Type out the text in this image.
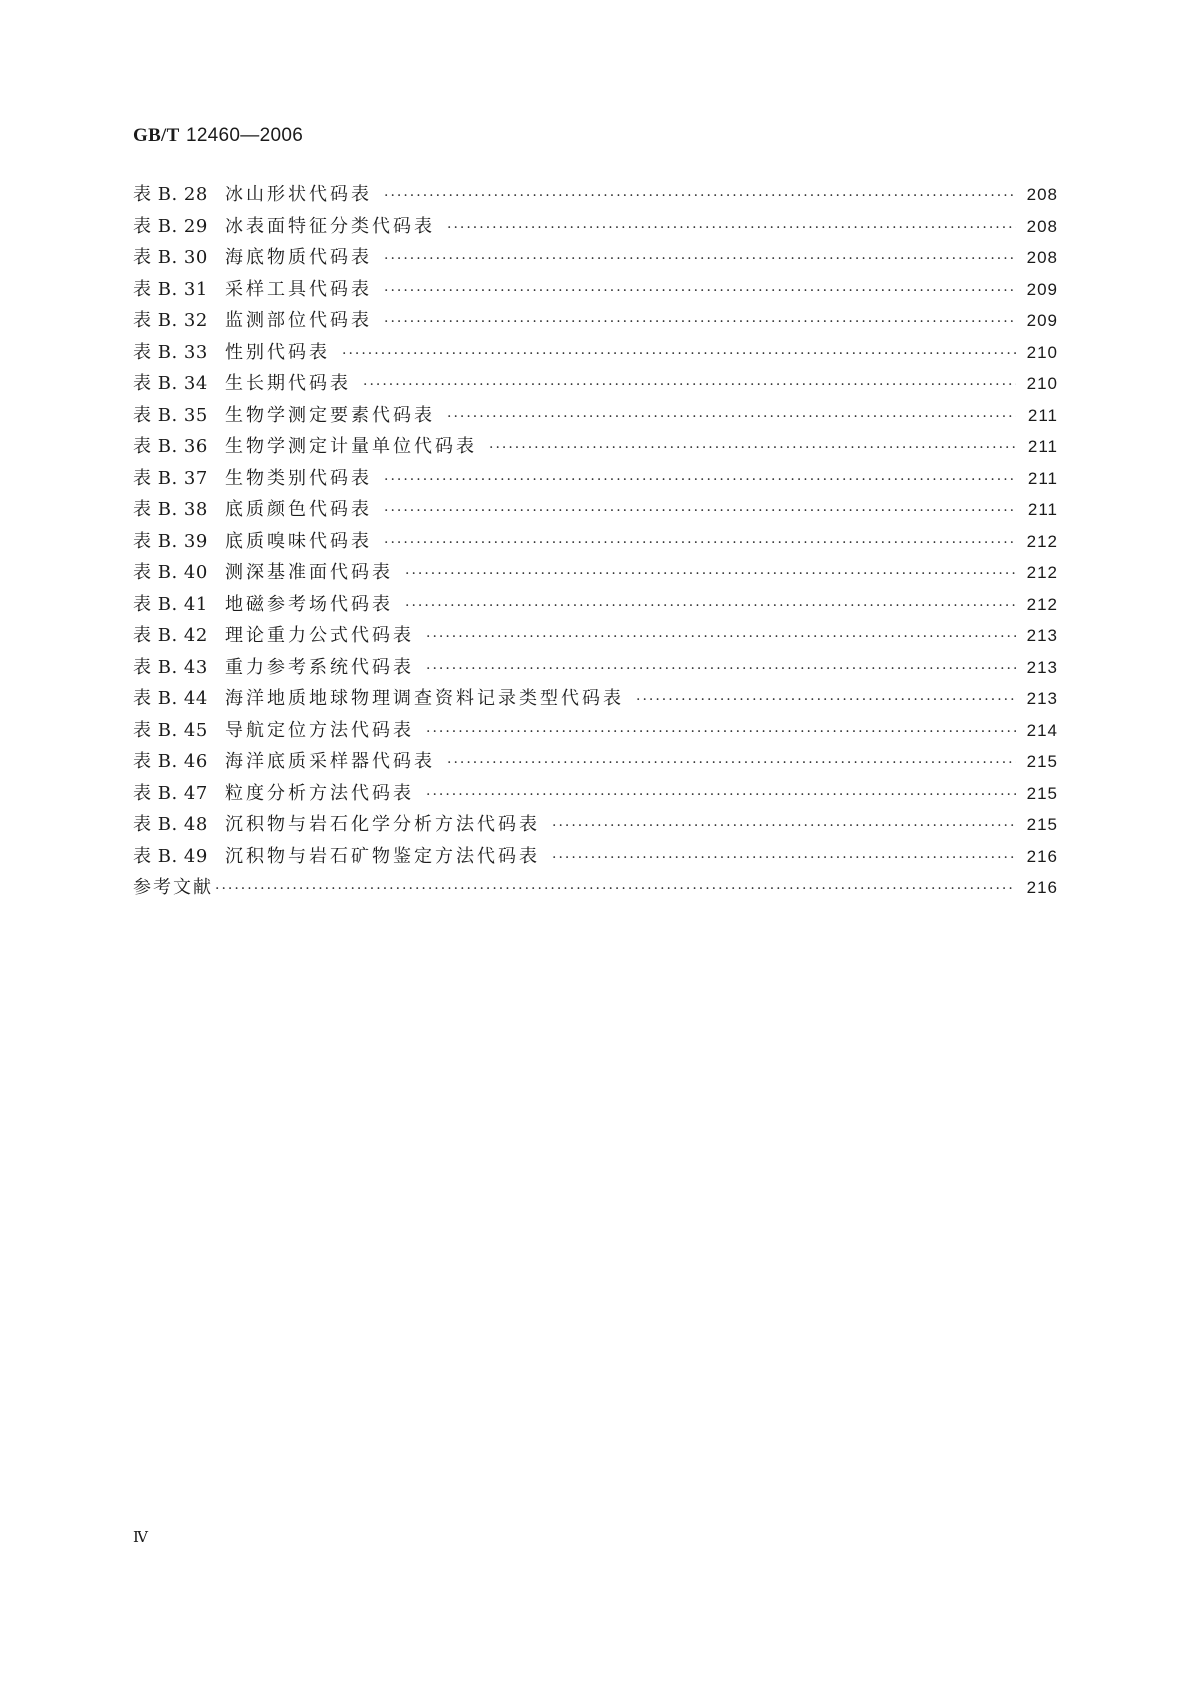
GB/T 12460—2006
表 B. 28 冰山形状代码表 ·····	208
表 B. 29 冰表面特征分类代码表 ·····	208
表 B. 30 海底物质代码表 ·····	208
表 B. 31 采样工具代码表 ·····	209
表 B. 32 监测部位代码表 ·····	209
表 B. 33 性别代码表 ·····	210
表 B. 34 生长期代码表 ·····	210
表 B. 35 生物学测定要素代码表 ·····	211
表 B. 36 生物学测定计量单位代码表 ·····	211
表 B. 37 生物类别代码表 ·····	211
表 B. 38 底质颜色代码表 ·····	211
表 B. 39 底质嗅味代码表 ·····	212
表 B. 40 测深基准面代码表 ·····	212
表 B. 41 地磁参考场代码表 ·····	212
表 B. 42 理论重力公式代码表 ·····	213
表 B. 43 重力参考系统代码表 ·····	213
表 B. 44 海洋地质地球物理调查资料记录类型代码表 ·····	213
表 B. 45 导航定位方法代码表 ·····	214
表 B. 46 海洋底质采样器代码表 ·····	215
表 B. 47 粒度分析方法代码表 ·····	215
表 B. 48 沉积物与岩石化学分析方法代码表 ·····	215
表 B. 49 沉积物与岩石矿物鉴定方法代码表 ·····	216
参考文献 ·····	216
Ⅳ
